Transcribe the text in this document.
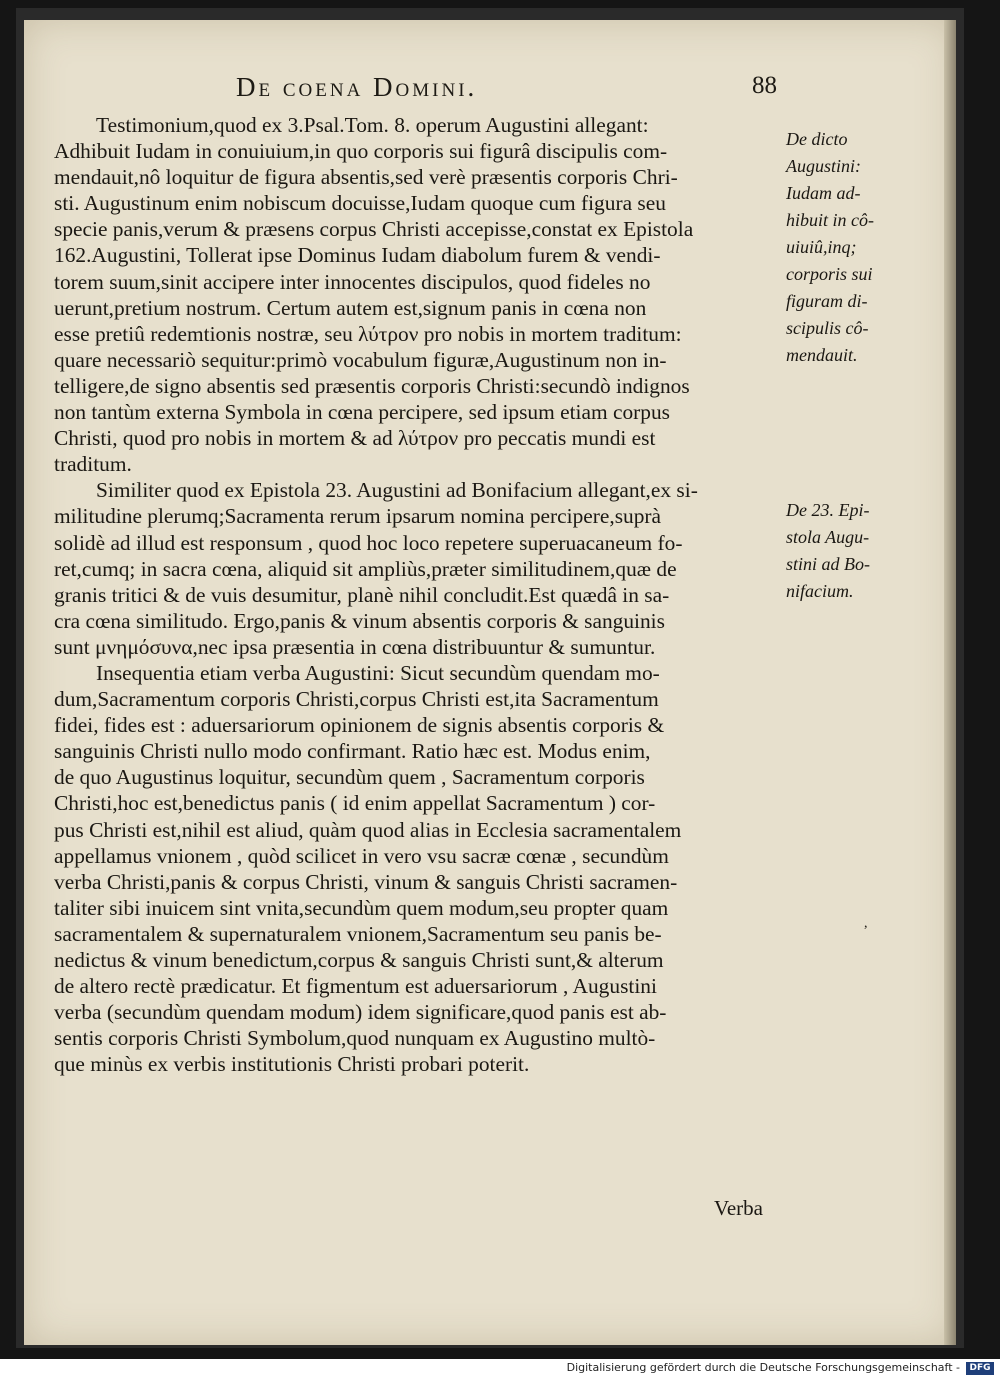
De coena Domini.	88
Testimonium,quod ex 3.Psal.Tom. 8. operum Augustini allegant:
Adhibuit Iudam in conuiuium,in quo corporis sui figurâ discipulis com-
mendauit,nô loquitur de figura absentis,sed verè præsentis corporis Chri-
sti. Augustinum enim nobiscum docuisse,Iudam quoque cum figura seu
specie panis,verum & præsens corpus Christi accepisse,constat ex Epistola
162.Augustini, Tollerat ipse Dominus Iudam diabolum furem & vendi-
torem suum,sinit accipere inter innocentes discipulos, quod fideles no
uerunt,pretium nostrum. Certum autem est,signum panis in cœna non
esse pretiû redemtionis nostræ, seu λύτρον pro nobis in mortem traditum:
quare necessariò sequitur:primò vocabulum figuræ,Augustinum non in-
telligere,de signo absentis sed præsentis corporis Christi:secundò indignos
non tantùm externa Symbola in cœna percipere, sed ipsum etiam corpus
Christi, quod pro nobis in mortem & ad λύτρον pro peccatis mundi est
traditum.
Similiter quod ex Epistola 23. Augustini ad Bonifacium allegant,ex si-
militudine plerumq;Sacramenta rerum ipsarum nomina percipere,suprà
solidè ad illud est responsum , quod hoc loco repetere superuacaneum fo-
ret,cumq; in sacra cœna, aliquid sit ampliùs,præter similitudinem,quæ de
granis tritici & de vuis desumitur, planè nihil concludit.Est quædâ in sa-
cra cœna similitudo. Ergo,panis & vinum absentis corporis & sanguinis
sunt μνημόσυνα,nec ipsa præsentia in cœna distribuuntur & sumuntur.
Insequentia etiam verba Augustini: Sicut secundùm quendam mo-
dum,Sacramentum corporis Christi,corpus Christi est,ita Sacramentum
fidei, fides est : aduersariorum opinionem de signis absentis corporis &
sanguinis Christi nullo modo confirmant. Ratio hæc est. Modus enim,
de quo Augustinus loquitur, secundùm quem , Sacramentum corporis
Christi,hoc est,benedictus panis ( id enim appellat Sacramentum ) cor-
pus Christi est,nihil est aliud, quàm quod alias in Ecclesia sacramentalem
appellamus vnionem , quòd scilicet in vero vsu sacræ cœnæ , secundùm
verba Christi,panis & corpus Christi, vinum & sanguis Christi sacramen-
taliter sibi inuicem sint vnita,secundùm quem modum,seu propter quam
sacramentalem & supernaturalem vnionem,Sacramentum seu panis be-
nedictus & vinum benedictum,corpus & sanguis Christi sunt,& alterum
de altero rectè prædicatur. Et figmentum est aduersariorum , Augustini
verba (secundùm quendam modum) idem significare,quod panis est ab-
sentis corporis Christi Symbolum,quod nunquam ex Augustino multò-
que minùs ex verbis institutionis Christi probari poterit.
De dicto
Augustini:
Iudam ad-
hibuit in cô-
uiuiû,inq;
corporis sui
figuram di-
scipulis cô-
mendauit.
De 23. Epi-
stola Augu-
stini ad Bo-
nifacium.
,
Verba
Digitalisierung gefördert durch die Deutsche Forschungsgemeinschaft -	DFG
